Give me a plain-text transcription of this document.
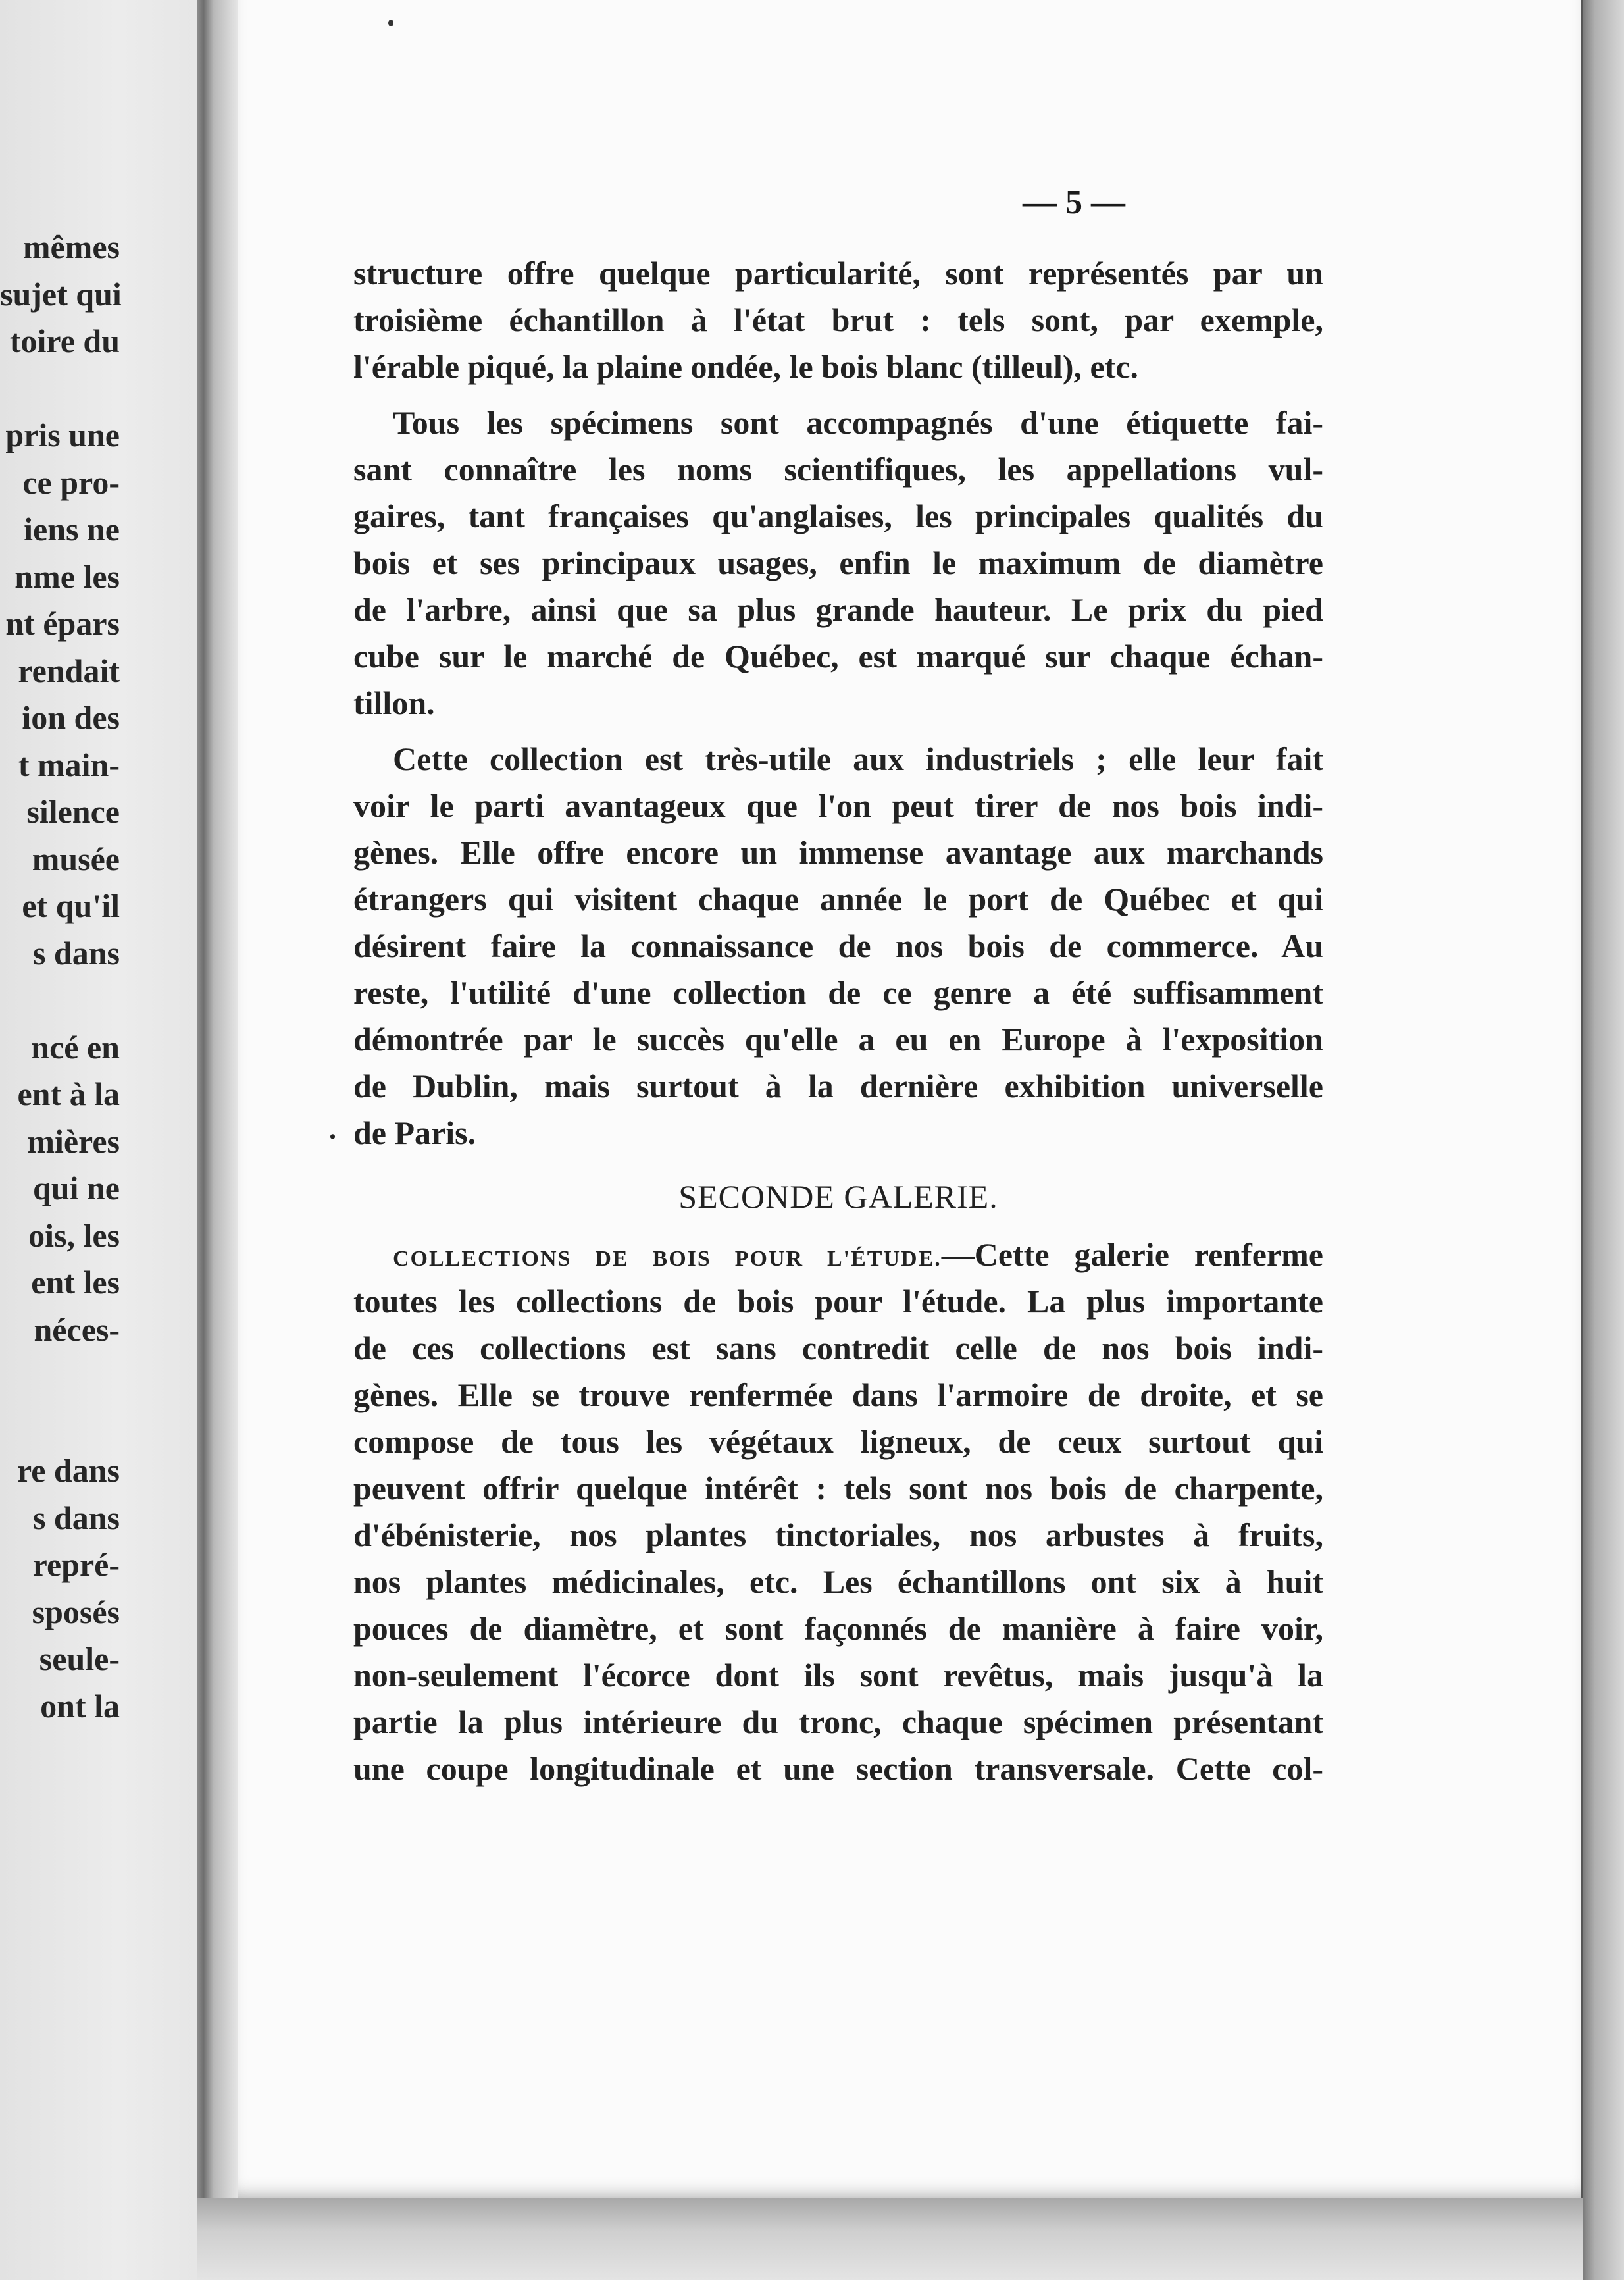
mêmes
sujet qui
toire du
pris une
ce pro-
iens ne
nme les
nt épars
rendait
ion des
t main-
silence
musée
et qu'il
s dans
ncé en
ent à la
mières
qui ne
ois, les
ent les
néces-
re dans
s dans
repré-
sposés
seule-
ont la
— 5 —
structure offre quelque particularité, sont représentés par un
troisième échantillon à l'état brut : tels sont, par exemple,
l'érable piqué, la plaine ondée, le bois blanc (tilleul), etc.
Tous les spécimens sont accompagnés d'une étiquette fai-
sant connaître les noms scientifiques, les appellations vul-
gaires, tant françaises qu'anglaises, les principales qualités du
bois et ses principaux usages, enfin le maximum de diamètre
de l'arbre, ainsi que sa plus grande hauteur. Le prix du pied
cube sur le marché de Québec, est marqué sur chaque échan-
tillon.
Cette collection est très-utile aux industriels ; elle leur fait
voir le parti avantageux que l'on peut tirer de nos bois indi-
gènes. Elle offre encore un immense avantage aux marchands
étrangers qui visitent chaque année le port de Québec et qui
désirent faire la connaissance de nos bois de commerce. Au
reste, l'utilité d'une collection de ce genre a été suffisamment
démontrée par le succès qu'elle a eu en Europe à l'exposition
de Dublin, mais surtout à la dernière exhibition universelle
de Paris.
SECONDE GALERIE.
COLLECTIONS DE BOIS POUR L'ÉTUDE.—Cette galerie renferme
toutes les collections de bois pour l'étude. La plus importante
de ces collections est sans contredit celle de nos bois indi-
gènes. Elle se trouve renfermée dans l'armoire de droite, et se
compose de tous les végétaux ligneux, de ceux surtout qui
peuvent offrir quelque intérêt : tels sont nos bois de charpente,
d'ébénisterie, nos plantes tinctoriales, nos arbustes à fruits,
nos plantes médicinales, etc. Les échantillons ont six à huit
pouces de diamètre, et sont façonnés de manière à faire voir,
non-seulement l'écorce dont ils sont revêtus, mais jusqu'à la
partie la plus intérieure du tronc, chaque spécimen présentant
une coupe longitudinale et une section transversale. Cette col-
.
